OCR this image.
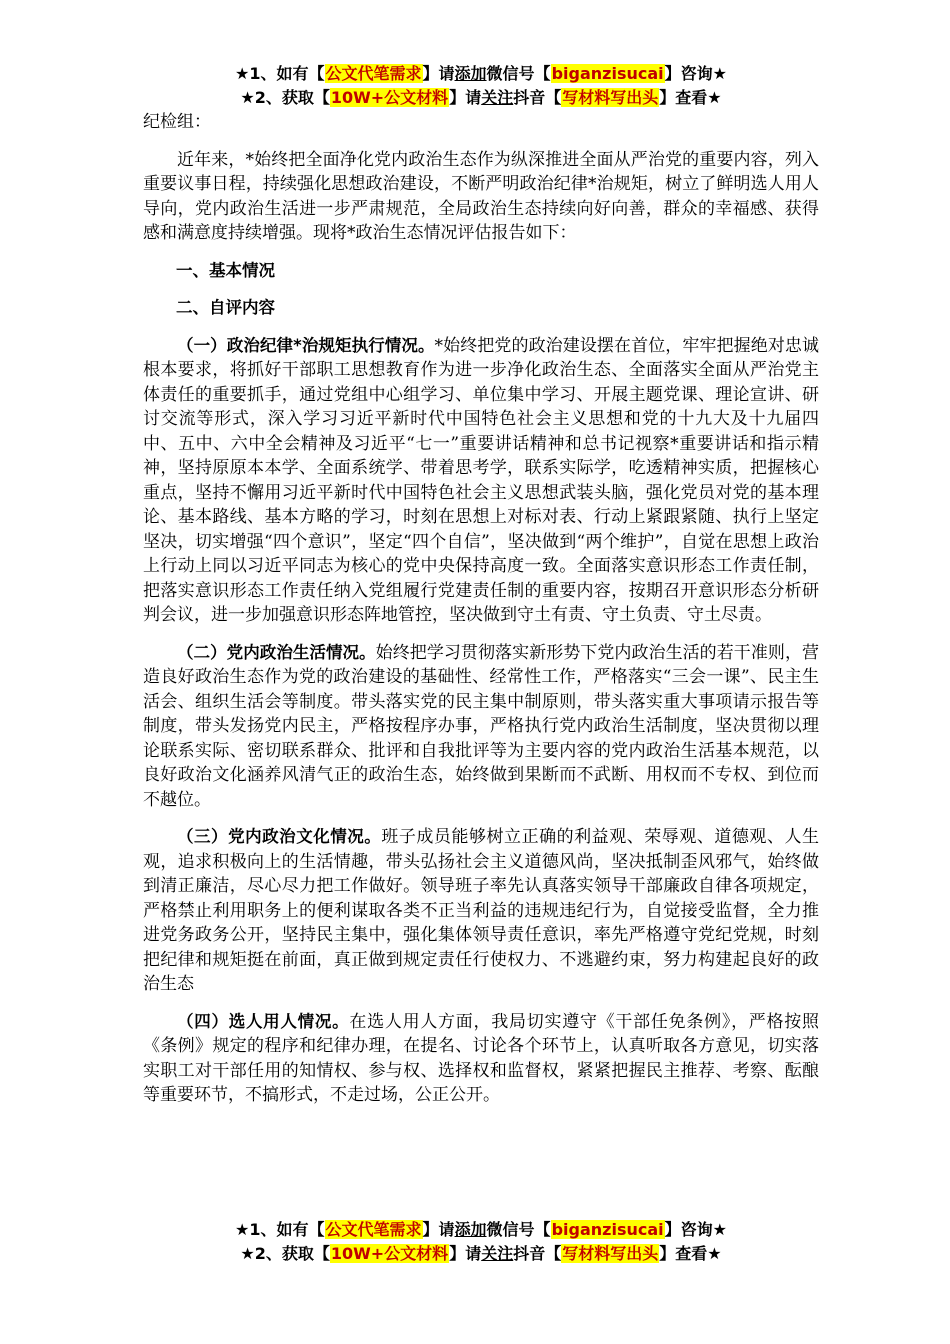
★1、如有【公文代笔需求】请添加微信号【biganzisucai】咨询★
★2、获取【10W+公文材料】请关注抖音【写材料写出头】查看★

纪检组：

近年来，*始终把全面净化党内政治生态作为纵深推进全面从严治党的重要内容，列入重要议事日程，持续强化思想政治建设，不断严明政治纪律*治规矩，树立了鲜明选人用人导向，党内政治生活进一步严肃规范，全局政治生态持续向好向善，群众的幸福感、获得感和满意度持续增强。现将*政治生态情况评估报告如下：

一、基本情况

二、自评内容

（一）政治纪律*治规矩执行情况。*始终把党的政治建设摆在首位，牢牢把握绝对忠诚根本要求，将抓好干部职工思想教育作为进一步净化政治生态、全面落实全面从严治党主体责任的重要抓手，通过党组中心组学习、单位集中学习、开展主题党课、理论宣讲、研讨交流等形式，深入学习习近平新时代中国特色社会主义思想和党的十九大及十九届四中、五中、六中全会精神及习近平“七一”重要讲话精神和总书记视察*重要讲话和指示精神，坚持原原本本学、全面系统学、带着思考学，联系实际学，吃透精神实质，把握核心重点，坚持不懈用习近平新时代中国特色社会主义思想武装头脑，强化党员对党的基本理论、基本路线、基本方略的学习，时刻在思想上对标对表、行动上紧跟紧随、执行上坚定坚决，切实增强“四个意识”，坚定“四个自信”，坚决做到“两个维护”，自觉在思想上政治上行动上同以习近平同志为核心的党中央保持高度一致。全面落实意识形态工作责任制，把落实意识形态工作责任纳入党组履行党建责任制的重要内容，按期召开意识形态分析研判会议，进一步加强意识形态阵地管控，坚决做到守土有责、守土负责、守土尽责。

（二）党内政治生活情况。始终把学习贯彻落实新形势下党内政治生活的若干准则，营造良好政治生态作为党的政治建设的基础性、经常性工作，严格落实“三会一课”、民主生活会、组织生活会等制度。带头落实党的民主集中制原则，带头落实重大事项请示报告等制度，带头发扬党内民主，严格按程序办事，严格执行党内政治生活制度，坚决贯彻以理论联系实际、密切联系群众、批评和自我批评等为主要内容的党内政治生活基本规范，以良好政治文化涵养风清气正的政治生态，始终做到果断而不武断、用权而不专权、到位而不越位。

（三）党内政治文化情况。班子成员能够树立正确的利益观、荣辱观、道德观、人生观，追求积极向上的生活情趣，带头弘扬社会主义道德风尚，坚决抵制歪风邪气，始终做到清正廉洁，尽心尽力把工作做好。领导班子率先认真落实领导干部廉政自律各项规定，严格禁止利用职务上的便利谋取各类不正当利益的违规违纪行为，自觉接受监督，全力推进党务政务公开，坚持民主集中，强化集体领导责任意识，率先严格遵守党纪党规，时刻把纪律和规矩挺在前面，真正做到规定责任行使权力、不逃避约束，努力构建起良好的政治生态

（四）选人用人情况。在选人用人方面，我局切实遵守《干部任免条例》，严格按照《条例》规定的程序和纪律办理，在提名、讨论各个环节上，认真听取各方意见，切实落实职工对干部任用的知情权、参与权、选择权和监督权，紧紧把握民主推荐、考察、酝酿等重要环节，不搞形式，不走过场，公正公开。

★1、如有【公文代笔需求】请添加微信号【biganzisucai】咨询★
★2、获取【10W+公文材料】请关注抖音【写材料写出头】查看★
